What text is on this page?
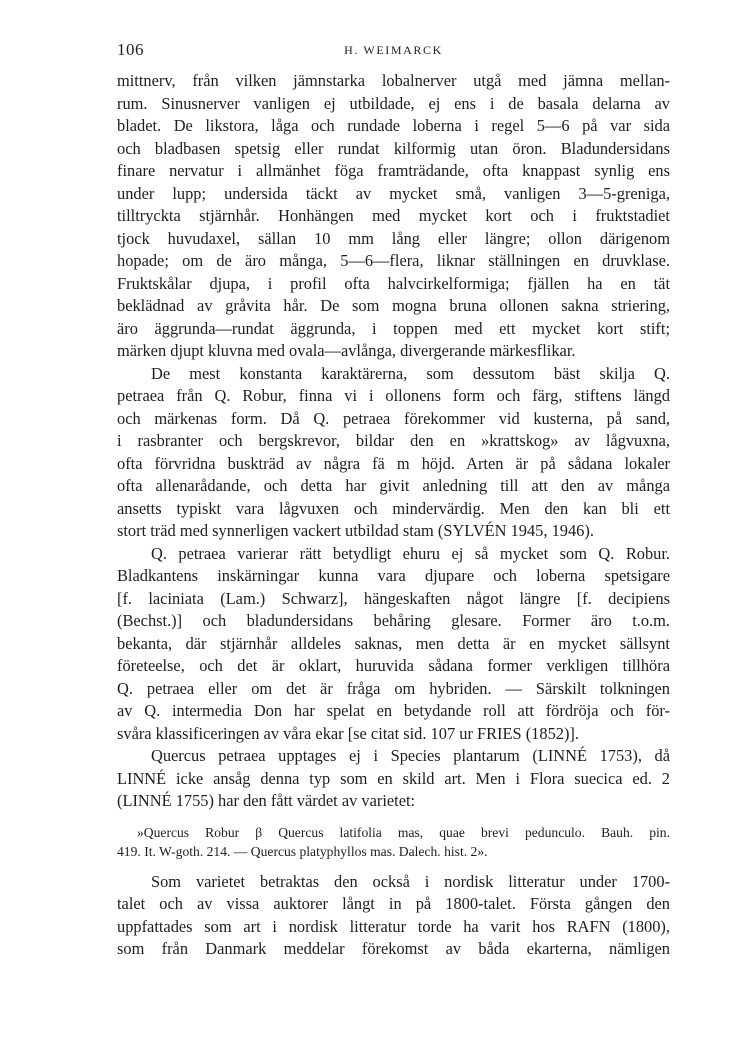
106	H. WEIMARCK
mittnerv, från vilken jämnstarka lobalnerver utgå med jämna mellan-
rum. Sinusnerver vanligen ej utbildade, ej ens i de basala delarna av
bladet. De likstora, låga och rundade loberna i regel 5—6 på var sida
och bladbasen spetsig eller rundat kilformig utan öron. Bladundersidans
finare nervatur i allmänhet föga framträdande, ofta knappast synlig ens
under lupp; undersida täckt av mycket små, vanligen 3—5-greniga,
tilltryckta stjärnhår. Honhängen med mycket kort och i fruktstadiet
tjock huvudaxel, sällan 10 mm lång eller längre; ollon därigenom
hopade; om de äro många, 5—6—flera, liknar ställningen en druvklase.
Fruktskålar djupa, i profil ofta halvcirkelformiga; fjällen ha en tät
beklädnad av gråvita hår. De som mogna bruna ollonen sakna striering,
äro äggrunda—rundat äggrunda, i toppen med ett mycket kort stift;
märken djupt kluvna med ovala—avlånga, divergerande märkesflikar.
De mest konstanta karaktärerna, som dessutom bäst skilja Q.
petraea från Q. Robur, finna vi i ollonens form och färg, stiftens längd
och märkenas form. Då Q. petraea förekommer vid kusterna, på sand,
i rasbranter och bergskrevor, bildar den en »krattskog» av lågvuxna,
ofta förvridna buskträd av några fä m höjd. Arten är på sådana lokaler
ofta allenarådande, och detta har givit anledning till att den av många
ansetts typiskt vara lågvuxen och mindervärdig. Men den kan bli ett
stort träd med synnerligen vackert utbildad stam (SYLVÉN 1945, 1946).
Q. petraea varierar rätt betydligt ehuru ej så mycket som Q. Robur.
Bladkantens inskärningar kunna vara djupare och loberna spetsigare
[f. laciniata (Lam.) Schwarz], hängeskaften något längre [f. decipiens
(Bechst.)] och bladundersidans behåring glesare. Former äro t.o.m.
bekanta, där stjärnhår alldeles saknas, men detta är en mycket sällsynt
företeelse, och det är oklart, huruvida sådana former verkligen tillhöra
Q. petraea eller om det är fråga om hybriden. — Särskilt tolkningen
av Q. intermedia Don har spelat en betydande roll att fördröja och för-
svåra klassificeringen av våra ekar [se citat sid. 107 ur FRIES (1852)].
Quercus petraea upptages ej i Species plantarum (LINNÉ 1753), då
LINNÉ icke ansåg denna typ som en skild art. Men i Flora suecica ed. 2
(LINNÉ 1755) har den fått värdet av varietet:
»Quercus Robur β Quercus latifolia mas, quae brevi pedunculo. Bauh. pin.
419. It. W-goth. 214. — Quercus platyphyllos mas. Dalech. hist. 2».
Som varietet betraktas den också i nordisk litteratur under 1700-
talet och av vissa auktorer långt in på 1800-talet. Första gången den
uppfattades som art i nordisk litteratur torde ha varit hos RAFN (1800),
som från Danmark meddelar förekomst av båda ekarterna, nämligen
